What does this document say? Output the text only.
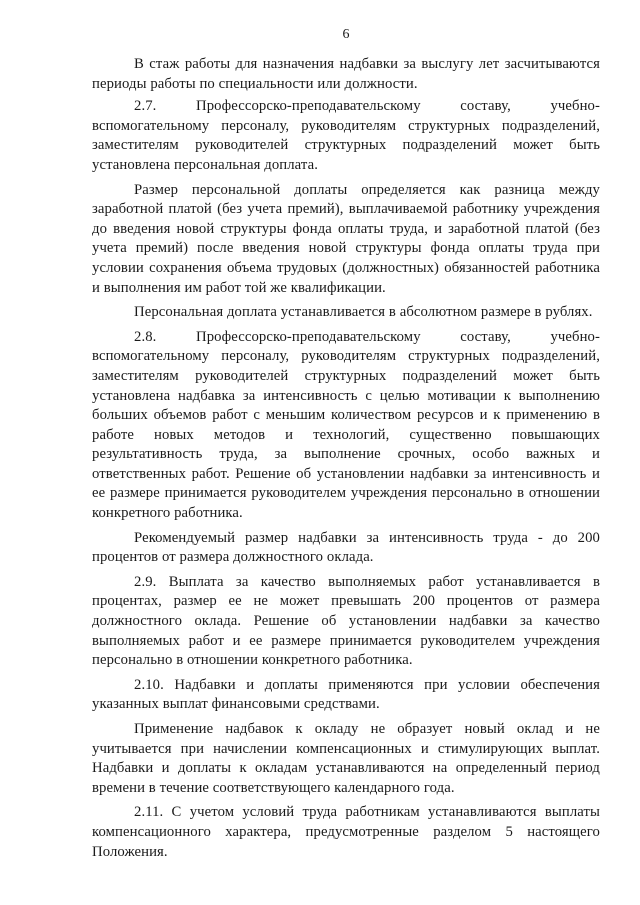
6

В стаж работы для назначения надбавки за выслугу лет засчитываются периоды работы по специальности или должности.

2.7. Профессорско-преподавательскому составу, учебно-вспомогательному персоналу, руководителям структурных подразделений, заместителям руководителей структурных подразделений может быть установлена персональная доплата.

Размер персональной доплаты определяется как разница между заработной платой (без учета премий), выплачиваемой работнику учреждения до введения новой структуры фонда оплаты труда, и заработной платой (без учета премий) после введения новой структуры фонда оплаты труда при условии сохранения объема трудовых (должностных) обязанностей работника и выполнения им работ той же квалификации.

Персональная доплата устанавливается в абсолютном размере в рублях.

2.8. Профессорско-преподавательскому составу, учебно-вспомогательному персоналу, руководителям структурных подразделений, заместителям руководителей структурных подразделений может быть установлена надбавка за интенсивность с целью мотивации к выполнению больших объемов работ с меньшим количеством ресурсов и к применению в работе новых методов и технологий, существенно повышающих результативность труда, за выполнение срочных, особо важных и ответственных работ. Решение об установлении надбавки за интенсивность и ее размере принимается руководителем учреждения персонально в отношении конкретного работника.

Рекомендуемый размер надбавки за интенсивность труда - до 200 процентов от размера должностного оклада.

2.9. Выплата за качество выполняемых работ устанавливается в процентах, размер ее не может превышать 200 процентов от размера должностного оклада. Решение об установлении надбавки за качество выполняемых работ и ее размере принимается руководителем учреждения персонально в отношении конкретного работника.

2.10. Надбавки и доплаты применяются при условии обеспечения указанных выплат финансовыми средствами.

Применение надбавок к окладу не образует новый оклад и не учитывается при начислении компенсационных и стимулирующих выплат. Надбавки и доплаты к окладам устанавливаются на определенный период времени в течение соответствующего календарного года.

2.11. С учетом условий труда работникам устанавливаются выплаты компенсационного характера, предусмотренные разделом 5 настоящего Положения.
